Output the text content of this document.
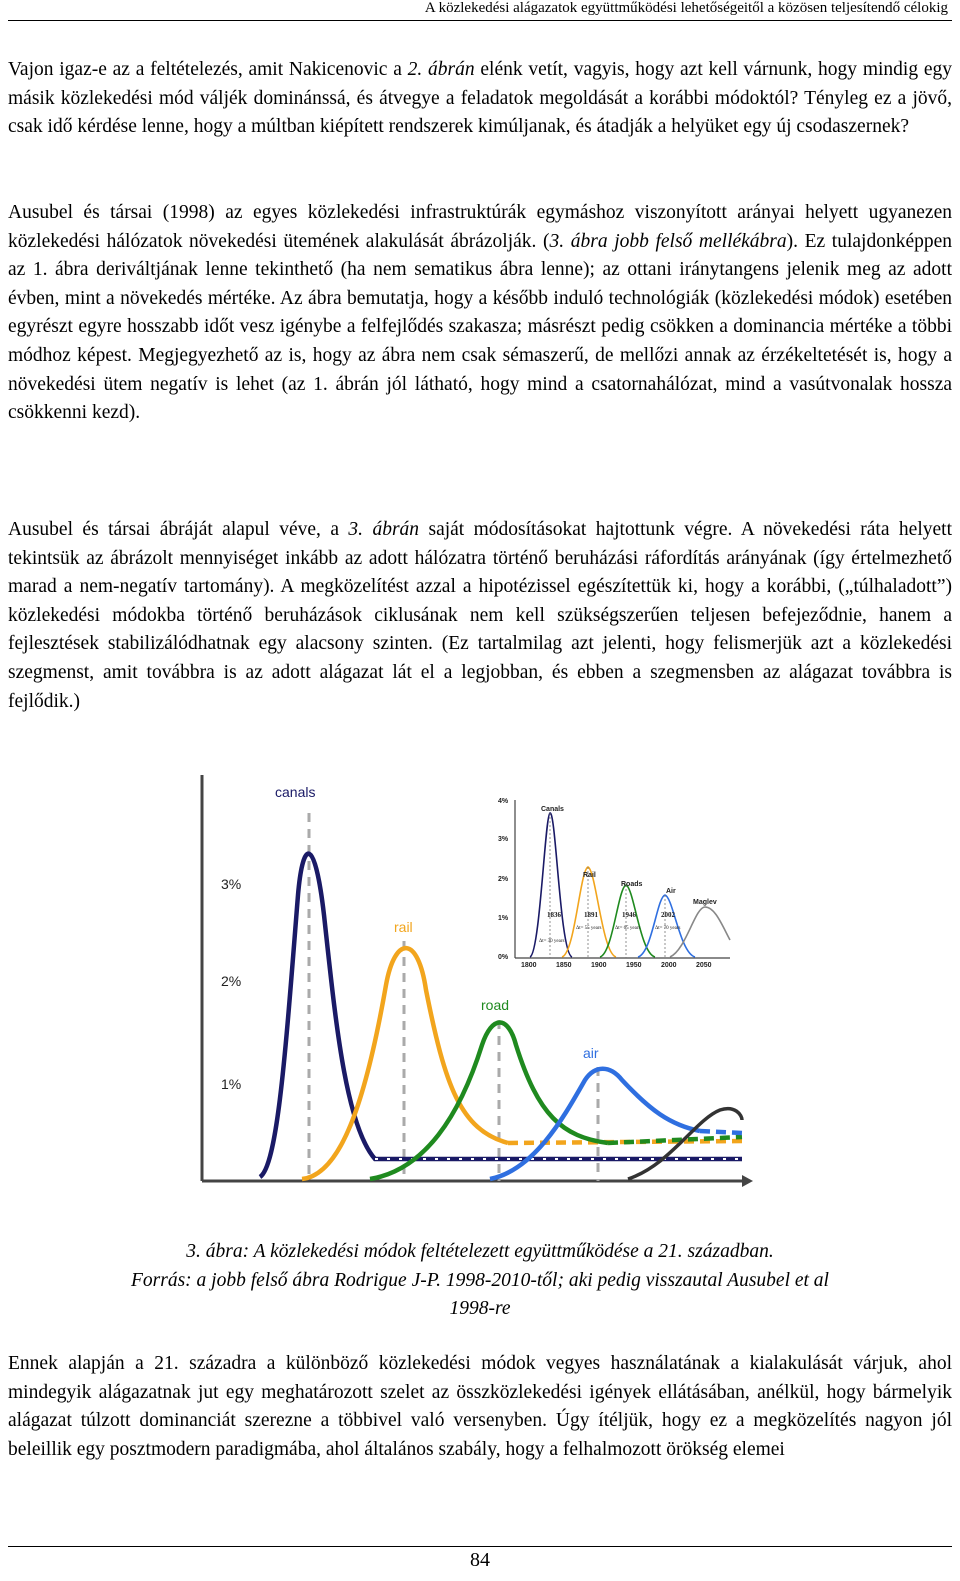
A közlekedési alágazatok együttműködési lehetőségeitől a közösen teljesítendő célokig

Vajon igaz-e az a feltételezés, amit Nakicenovic a 2. ábrán elénk vetít, vagyis, hogy azt kell várnunk, hogy mindig egy másik közlekedési mód váljék dominánssá, és átvegye a feladatok megoldását a korábbi módoktól? Tényleg ez a jövő, csak idő kérdése lenne, hogy a múltban kiépített rendszerek kimúljanak, és átadják a helyüket egy új csodaszernek?

Ausubel és társai (1998) az egyes közlekedési infrastruktúrák egymáshoz viszonyított arányai helyett ugyanezen közlekedési hálózatok növekedési ütemének alakulását ábrázolják. (3. ábra jobb felső mellékábra). Ez tulajdonképpen az 1. ábra deriváltjának lenne tekinthető (ha nem sematikus ábra lenne); az ottani iránytangens jelenik meg az adott évben, mint a növekedés mértéke. Az ábra bemutatja, hogy a később induló technológiák (közlekedési módok) esetében egyrészt egyre hosszabb időt vesz igénybe a felfejlődés szakasza; másrészt pedig csökken a dominancia mértéke a többi módhoz képest. Megjegyezhető az is, hogy az ábra nem csak sémaszerű, de mellőzi annak az érzékeltetését is, hogy a növekedési ütem negatív is lehet (az 1. ábrán jól látható, hogy mind a csatornahálózat, mind a vasútvonalak hossza csökkenni kezd).

Ausubel és társai ábráját alapul véve, a 3. ábrán saját módosításokat hajtottunk végre. A növekedési ráta helyett tekintsük az ábrázolt mennyiséget inkább az adott hálózatra történő beruházási ráfordítás arányának (így értelmezhető marad a nem-negatív tartomány). A megközelítést azzal a hipotézissel egészítettük ki, hogy a korábbi, („túlhaladott”) közlekedési módokba történő beruházások ciklusának nem kell szükségszerűen teljesen befejeződnie, hanem a fejlesztések stabilizálódhatnak egy alacsony szinten. (Ez tartalmilag azt jelenti, hogy felismerjük azt a közlekedési szegmenst, amit továbbra is az adott alágazat lát el a legjobban, és ebben a szegmensben az alágazat továbbra is fejlődik.)

3%
2%
1%
canals
rail
road
air
4%
3%
2%
1%
0%
1800	1850	1900	1950	2000	2050
Canals
Rail
Roads
Air
Maglev
1836	1891	1946	2002
Δt= 30 years
Δt= 55 years	Δt= 65 years	Δt= 70 years
3. ábra: A közlekedési módok feltételezett együttműködése a 21. században.
Forrás: a jobb felső ábra Rodrigue J-P. 1998-2010-től; aki pedig visszautal Ausubel et al
1998-re

Ennek alapján a 21. századra a különböző közlekedési módok vegyes használatának a kialakulását várjuk, ahol mindegyik alágazatnak jut egy meghatározott szelet az összközlekedési igények ellátásában, anélkül, hogy bármelyik alágazat túlzott dominanciát szerezne a többivel való versenyben. Úgy ítéljük, hogy ez a megközelítés nagyon jól beleillik egy posztmodern paradigmába, ahol általános szabály, hogy a felhalmozott örökség elemei

84
